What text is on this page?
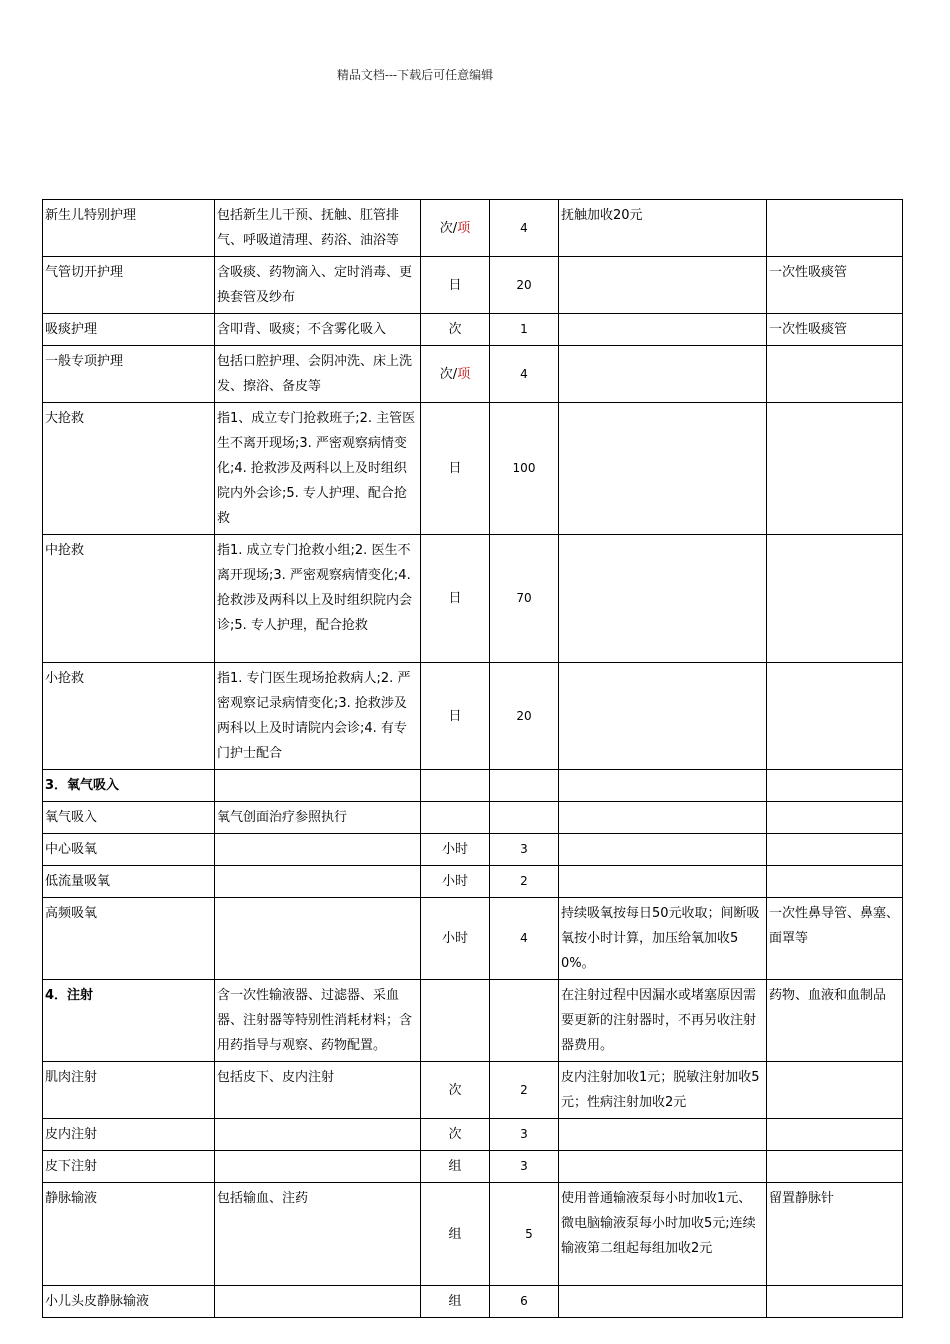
精品文档---下载后可任意编辑
新生儿特别护理	包括新生儿干预、抚触、肛管排气、呼吸道清理、药浴、油浴等	次/项	4	抚触加收20元	
气管切开护理	含吸痰、药物滴入、定时消毒、更换套管及纱布	日	20		一次性吸痰管
吸痰护理	含叩背、吸痰；不含雾化吸入	次	1		一次性吸痰管
一般专项护理	包括口腔护理、会阴冲洗、床上洗发、擦浴、备皮等	次/项	4		
大抢救	指1、成立专门抢救班子;2. 主管医生不离开现场;3. 严密观察病情变化;4. 抢救涉及两科以上及时组织院内外会诊;5. 专人护理、配合抢救	日	100		
中抢救	指1. 成立专门抢救小组;2. 医生不离开现场;3. 严密观察病情变化;4. 抢救涉及两科以上及时组织院内会诊;5. 专人护理，配合抢救	日	70		
小抢救	指1. 专门医生现场抢救病人;2. 严密观察记录病情变化;3. 抢救涉及两科以上及时请院内会诊;4. 有专门护士配合	日	20		
3．氧气吸入					
氧气吸入	氧气创面治疗参照执行				
中心吸氧		小时	3		
低流量吸氧		小时	2		
高频吸氧		小时	4	持续吸氧按每日50元收取；间断吸氧按小时计算，加压给氧加收50%。	一次性鼻导管、鼻塞、面罩等
4．注射	含一次性输液器、过滤器、采血器、注射器等特别性消耗材料；含用药指导与观察、药物配置。			在注射过程中因漏水或堵塞原因需要更新的注射器时，不再另收注射器费用。	药物、血液和血制品
肌肉注射	包括皮下、皮内注射	次	2	皮内注射加收1元；脱敏注射加收5元；性病注射加收2元	
皮内注射		次	3		
皮下注射		组	3		
静脉输液	包括输血、注药	组	5	使用普通输液泵每小时加收1元、微电脑输液泵每小时加收5元;连续输液第二组起每组加收2元	留置静脉针
小儿头皮静脉输液		组	6		
